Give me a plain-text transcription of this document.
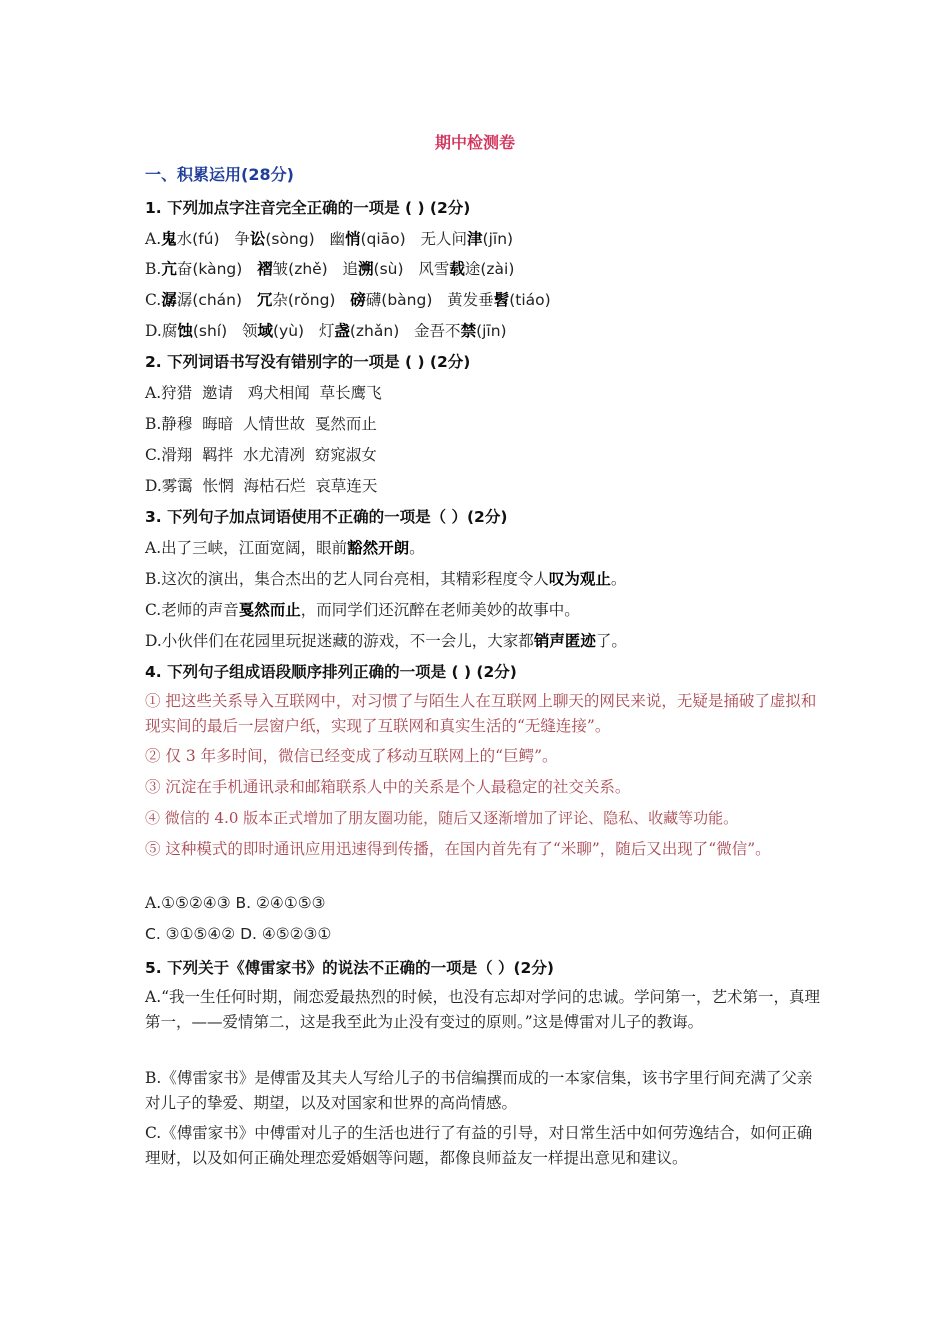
期中检测卷
一、积累运用(28分)
1. 下列加点字注音完全正确的一项是 ( ) (2分)
A.鬼水(fú) 争讼(sòng) 幽悄(qiāo) 无人问津(jīn)
B.亢奋(kàng) 褶皱(zhě) 追溯(sù) 风雪载途(zài)
C.潺潺(chán) 冗杂(rǒng) 磅礴(bàng) 黄发垂髫(tiáo)
D.腐蚀(shí) 领域(yù) 灯盏(zhǎn) 金吾不禁(jīn)
2. 下列词语书写没有错别字的一项是 ( ) (2分)
A.狩猎  邀请   鸡犬相闻  草长鹰飞
B.静穆  晦暗  人情世故  戛然而止
C.滑翔  羁拌  水尤清冽  窈窕淑女
D.雾霭  怅惘  海枯石烂  哀草连天
3. 下列句子加点词语使用不正确的一项是（ ）(2分)
A.出了三峡，江面宽阔，眼前豁然开朗。
B.这次的演出，集合杰出的艺人同台亮相，其精彩程度令人叹为观止。
C.老师的声音戛然而止，而同学们还沉醉在老师美妙的故事中。
D.小伙伴们在花园里玩捉迷藏的游戏，不一会儿，大家都销声匿迹了。
4. 下列句子组成语段顺序排列正确的一项是 ( ) (2分)
① 把这些关系导入互联网中，对习惯了与陌生人在互联网上聊天的网民来说，无疑是捅破了虚拟和现实间的最后一层窗户纸，实现了互联网和真实生活的“无缝连接”。
② 仅 3 年多时间，微信已经变成了移动互联网上的“巨鳄”。
③ 沉淀在手机通讯录和邮箱联系人中的关系是个人最稳定的社交关系。
④ 微信的 4.0 版本正式增加了朋友圈功能，随后又逐渐增加了评论、隐私、收藏等功能。
⑤ 这种模式的即时通讯应用迅速得到传播，在国内首先有了“米聊”，随后又出现了“微信”。
A.①⑤②④③ B. ②④①⑤③
C. ③①⑤④② D. ④⑤②③①
5. 下列关于《傅雷家书》的说法不正确的一项是（ ）(2分)
A.“我一生任何时期，闹恋爱最热烈的时候，也没有忘却对学问的忠诚。学问第一，艺术第一，真理第一，——爱情第二，这是我至此为止没有变过的原则。”这是傅雷对儿子的教诲。
B.《傅雷家书》是傅雷及其夫人写给儿子的书信编撰而成的一本家信集，该书字里行间充满了父亲对儿子的挚爱、期望，以及对国家和世界的高尚情感。
C.《傅雷家书》中傅雷对儿子的生活也进行了有益的引导，对日常生活中如何劳逸结合，如何正确理财，以及如何正确处理恋爱婚姻等问题，都像良师益友一样提出意见和建议。
